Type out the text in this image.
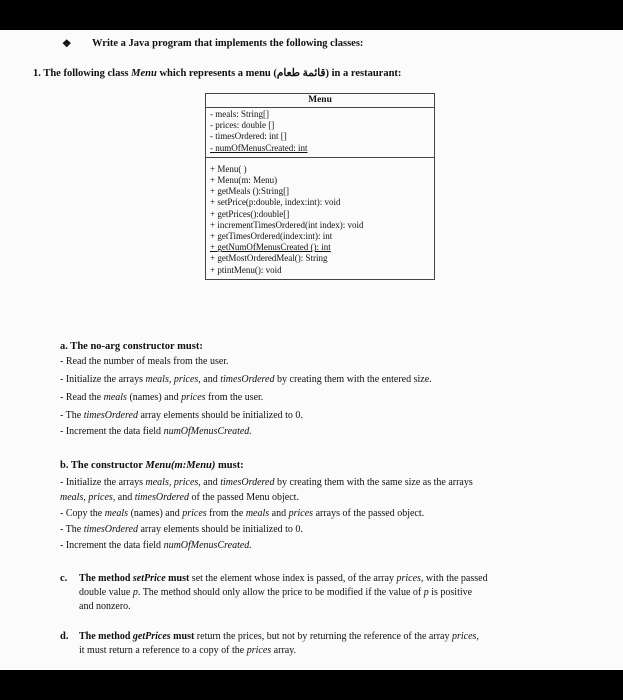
❖ Write a Java program that implements the following classes:
1. The following class Menu which represents a menu (قائمة طعام) in a restaurant:
Menu
- meals: String[]
- prices: double []
- timesOrdered: int []
- numOfMenusCreated: int
+ Menu( )
+ Menu(m: Menu)
+ getMeals ():String[]
+ setPrice(p:double, index:int): void
+ getPrices():double[]
+ incrementTimesOrdered(int index): void
+ getTimesOrdered(index:int): int
+ getNumOfMenusCreated (): int
+ getMostOrderedMeal(): String
+ ptintMenu(): void
a. The no-arg constructor must:
- Read the number of meals from the user.
- Initialize the arrays meals, prices, and timesOrdered by creating them with the entered size.
- Read the meals (names) and prices from the user.
- The timesOrdered array elements should be initialized to 0.
- Increment the data field numOfMenusCreated.
b. The constructor Menu(m:Menu) must:
- Initialize the arrays meals, prices, and timesOrdered by creating them with the same size as the arrays
meals, prices, and timesOrdered of the passed Menu object.
- Copy the meals (names) and prices from the meals and prices arrays of the passed object.
- The timesOrdered array elements should be initialized to 0.
- Increment the data field numOfMenusCreated.
c. The method setPrice must set the element whose index is passed, of the array prices, with the passed
double value p. The method should only allow the price to be modified if the value of p is positive
and nonzero.
d. The method getPrices must return the prices, but not by returning the reference of the array prices,
it must return a reference to a copy of the prices array.
